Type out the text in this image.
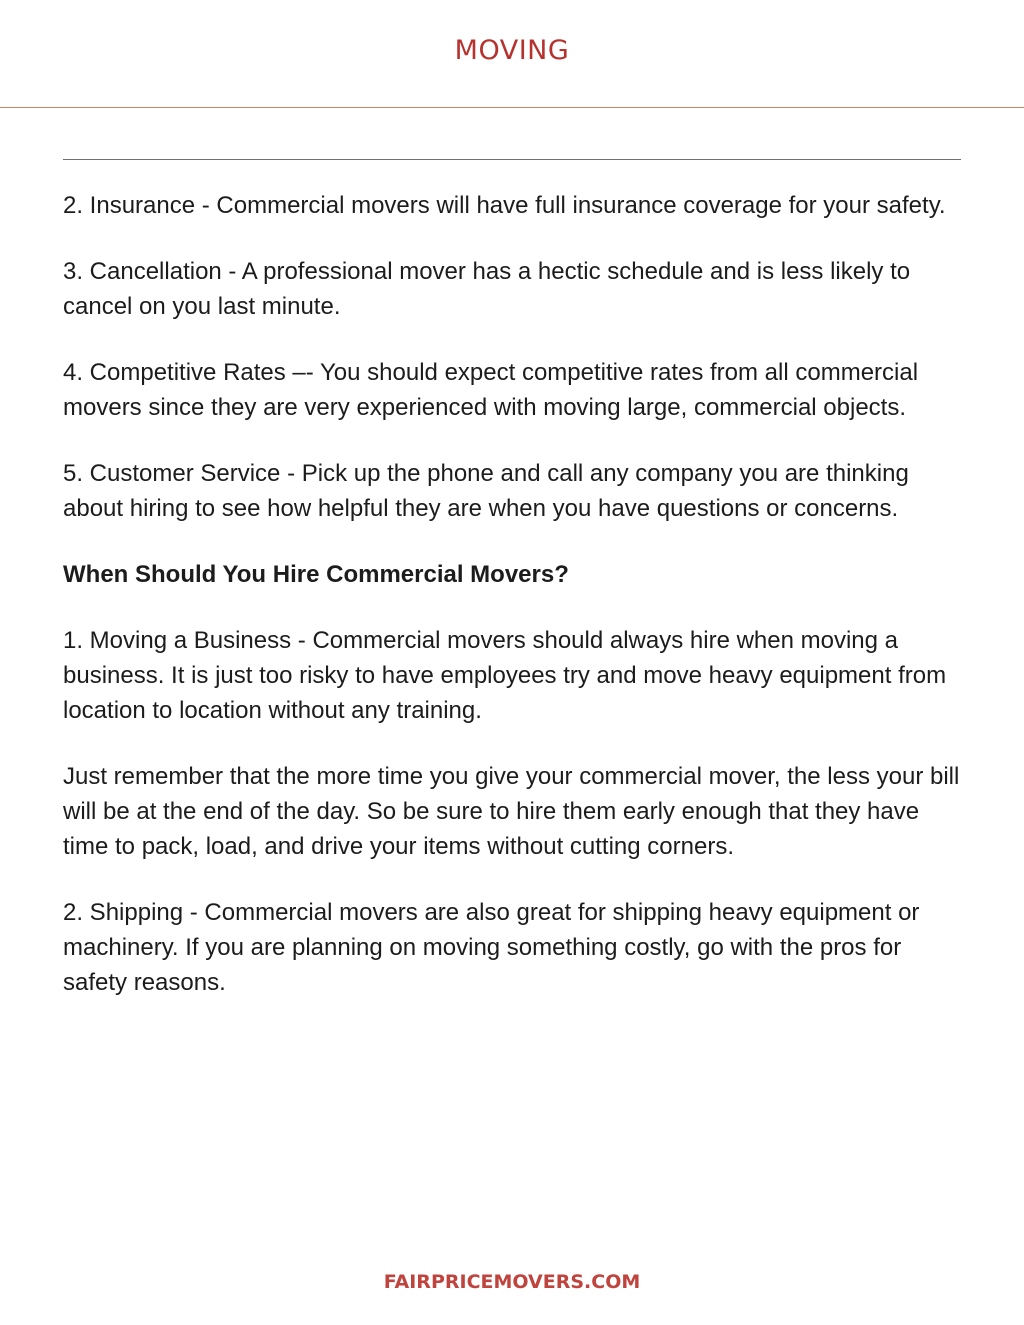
MOVING

2. Insurance - Commercial movers will have full insurance coverage for your safety.

3. Cancellation - A professional mover has a hectic schedule and is less likely to cancel on you last minute.

4. Competitive Rates –- You should expect competitive rates from all commercial movers since they are very experienced with moving large, commercial objects.

5. Customer Service - Pick up the phone and call any company you are thinking about hiring to see how helpful they are when you have questions or concerns.

When Should You Hire Commercial Movers?

1. Moving a Business - Commercial movers should always hire when moving a business. It is just too risky to have employees try and move heavy equipment from location to location without any training.

Just remember that the more time you give your commercial mover, the less your bill will be at the end of the day. So be sure to hire them early enough that they have time to pack, load, and drive your items without cutting corners.

2. Shipping - Commercial movers are also great for shipping heavy equipment or machinery. If you are planning on moving something costly, go with the pros for safety reasons.

FAIRPRICEMOVERS.COM
